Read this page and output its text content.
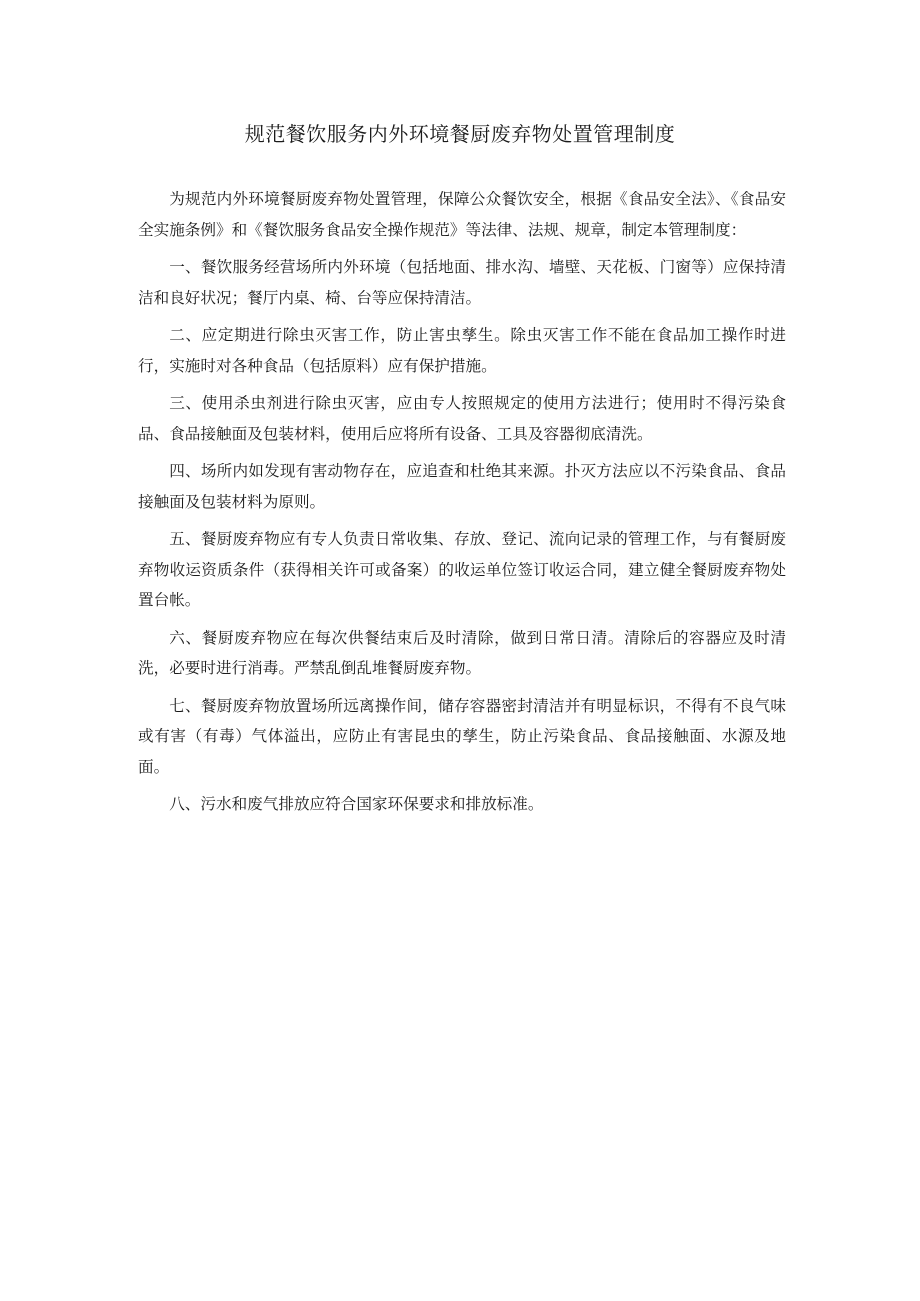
规范餐饮服务内外环境餐厨废弃物处置管理制度

为规范内外环境餐厨废弃物处置管理，保障公众餐饮安全，根据《食品安全法》、《食品安全实施条例》和《餐饮服务食品安全操作规范》等法律、法规、规章，制定本管理制度：

一、餐饮服务经营场所内外环境（包括地面、排水沟、墙壁、天花板、门窗等）应保持清洁和良好状况；餐厅内桌、椅、台等应保持清洁。

二、应定期进行除虫灭害工作，防止害虫孳生。除虫灭害工作不能在食品加工操作时进行，实施时对各种食品（包括原料）应有保护措施。

三、使用杀虫剂进行除虫灭害，应由专人按照规定的使用方法进行；使用时不得污染食品、食品接触面及包装材料，使用后应将所有设备、工具及容器彻底清洗。

四、场所内如发现有害动物存在，应追查和杜绝其来源。扑灭方法应以不污染食品、食品接触面及包装材料为原则。

五、餐厨废弃物应有专人负责日常收集、存放、登记、流向记录的管理工作，与有餐厨废弃物收运资质条件（获得相关许可或备案）的收运单位签订收运合同，建立健全餐厨废弃物处置台帐。

六、餐厨废弃物应在每次供餐结束后及时清除，做到日常日清。清除后的容器应及时清洗，必要时进行消毒。严禁乱倒乱堆餐厨废弃物。

七、餐厨废弃物放置场所远离操作间，储存容器密封清洁并有明显标识，不得有不良气味或有害（有毒）气体溢出，应防止有害昆虫的孳生，防止污染食品、食品接触面、水源及地面。

八、污水和废气排放应符合国家环保要求和排放标准。
